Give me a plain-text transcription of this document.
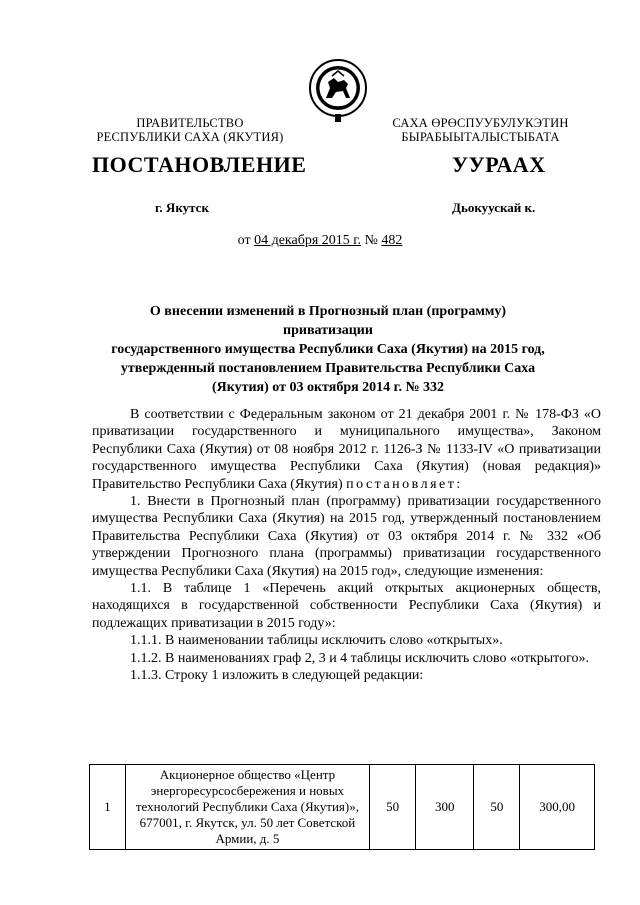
ПРАВИТЕЛЬСТВО
РЕСПУБЛИКИ САХА (ЯКУТИЯ)
САХА ӨРӨСПУУБУЛУКЭТИН
БЫРАБЫЫТАЛЫСТЫБАТА
ПОСТАНОВЛЕНИЕ	УУРААХ
г. Якутск	Дьокуускай к.
от 04 декабря 2015 г. № 482
О внесении изменений в Прогнозный план (программу) приватизации
государственного имущества Республики Саха (Якутия) на 2015 год,
утвержденный постановлением Правительства Республики Саха
(Якутия) от 03 октября 2014 г. № 332

В соответствии с Федеральным законом от 21 декабря 2001 г. № 178-ФЗ «О приватизации государственного и муниципального имущества», Законом Республики Саха (Якутия) от 08 ноября 2012 г. 1126-З № 1133-IV «О приватизации государственного имущества Республики Саха (Якутия) (новая редакция)» Правительство Республики Саха (Якутия) постановляет:

1. Внести в Прогнозный план (программу) приватизации государственного имущества Республики Саха (Якутия) на 2015 год, утвержденный постановлением Правительства Республики Саха (Якутия) от 03 октября 2014 г. № 332 «Об утверждении Прогнозного плана (программы) приватизации государственного имущества Республики Саха (Якутия) на 2015 год», следующие изменения:

1.1. В таблице 1 «Перечень акций открытых акционерных обществ, находящихся в государственной собственности Республики Саха (Якутия) и подлежащих приватизации в 2015 году»:

1.1.1. В наименовании таблицы исключить слово «открытых».

1.1.2. В наименованиях граф 2, 3 и 4 таблицы исключить слово «открытого».

1.1.3. Строку 1 изложить в следующей редакции:

1	Акционерное общество «Центр энергоресурсосбережения и новых технологий Республики Саха (Якутия)», 677001, г. Якутск, ул. 50 лет Советской Армии, д. 5	50	300	50	300,00
